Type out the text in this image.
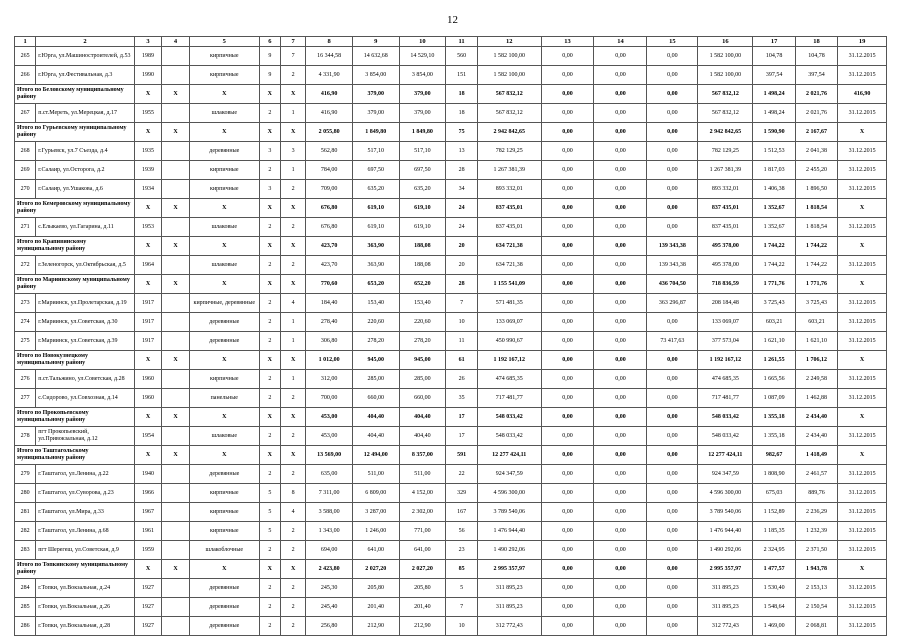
12
1	2	3	4	5	6	7	8	9	10	11	12	13	14	15	16	17	18	19
265	г.Юрга, ул.Машиностроителей, д.53	1989		кирпичные	9	7	16 344,58	14 632,68	14 529,10	560	1 582 100,00	0,00	0,00	0,00	1 582 100,00	104,78	104,78	31.12.2015
266	г.Юрга, ул.Фестивальная, д.3	1990		кирпичные	9	2	4 331,90	3 854,00	3 854,00	151	1 582 100,00	0,00	0,00	0,00	1 582 100,00	397,54	397,54	31.12.2015
Итого по Беловскому муниципальному району		Х	Х	Х	Х	Х	416,90	379,00	379,00	18	567 832,12	0,00	0,00	0,00	567 832,12	1 498,24	2 021,76	416,90
267	п.ст.Мереть, ул.Мерецкая, д.17	1955		шлаковые	2	1	416,90	379,00	379,00	18	567 832,12	0,00	0,00	0,00	567 832,12	1 498,24	2 021,76	31.12.2015
Итого по Гурьевскому муниципальному району		Х	Х	Х	Х	Х	2 055,80	1 849,80	1 849,80	75	2 942 842,65	0,00	0,00	0,00	2 942 842,65	1 590,90	2 167,67	Х
268	г.Гурьевск, ул.7 Съезда, д.4	1935		деревянные	3	3	562,80	517,10	517,10	13	782 129,25	0,00	0,00	0,00	782 129,25	1 512,53	2 041,38	31.12.2015
269	г.Салаир, ул.Осторога, д.2	1939		кирпичные	2	1	784,00	697,50	697,50	28	1 267 381,39	0,00	0,00	0,00	1 267 381,39	1 817,03	2 455,20	31.12.2015
270	г.Салаир, ул.Ушакова, д.6	1934		кирпичные	3	2	709,00	635,20	635,20	34	893 332,01	0,00	0,00	0,00	893 332,01	1 406,38	1 896,50	31.12.2015
Итого по Кемеровскому муниципальному району		Х	Х	Х	Х	Х	676,80	619,10	619,10	24	837 435,01	0,00	0,00	0,00	837 435,01	1 352,67	1 818,54	Х
271	с.Елыкаево, ул.Гагарина, д.11	1953		шлаковые	2	2	676,80	619,10	619,10	24	837 435,01	0,00	0,00	0,00	837 435,01	1 352,67	1 818,54	31.12.2015
Итого по Крапивинскому муниципальному району		Х	Х	Х	Х	Х	423,70	363,90	188,08	20	634 721,38	0,00	0,00	139 343,38	495 378,00	1 744,22	1 744,22	Х
272	г.Зеленогорск, ул.Октябрьская, д.5	1964		шлаковые	2	2	423,70	363,90	188,08	20	634 721,38	0,00	0,00	139 343,38	495 378,00	1 744,22	1 744,22	31.12.2015
Итого по Мариинскому муниципальному району		Х	Х	Х	Х	Х	770,60	653,20	652,20	28	1 155 541,09	0,00	0,00	436 704,50	718 836,59	1 771,76	1 771,76	Х
273	г.Мариинск, ул.Пролетарская, д.19	1917		кирпичные, деревянные	2	4	184,40	153,40	153,40	7	571 481,35	0,00	0,00	363 296,87	208 184,48	3 725,43	3 725,43	31.12.2015
274	г.Мариинск, ул.Советская, д.30	1917		деревянные	2	1	278,40	220,60	220,60	10	133 069,07	0,00	0,00	0,00	133 069,07	603,21	603,21	31.12.2015
275	г.Мариинск, ул.Советская, д.39	1917		деревянные	2	1	306,80	278,20	278,20	11	450 990,67	0,00	0,00	73 417,63	377 573,04	1 621,10	1 621,10	31.12.2015
Итого по Новокузнецкому муниципальному району		Х	Х	Х	Х	Х	1 012,00	945,00	945,00	61	1 192 167,12	0,00	0,00	0,00	1 192 167,12	1 261,55	1 706,12	Х
276	п.ст.Тальжино, ул.Советская, д.28	1960		кирпичные	2	1	312,00	285,00	285,00	26	474 685,35	0,00	0,00	0,00	474 685,35	1 665,56	2 249,58	31.12.2015
277	с.Сидорово, ул.Совхозная, д.14	1960		панельные	2	2	700,00	660,00	660,00	35	717 481,77	0,00	0,00	0,00	717 481,77	1 087,09	1 462,88	31.12.2015
Итого по Прокопьевскому муниципальному району		Х	Х	Х	Х	Х	453,00	404,40	404,40	17	548 033,42	0,00	0,00	0,00	548 033,42	1 355,18	2 434,40	Х
278	пгт Прокопьевский, ул.Привокзальная, д.12	1954		шлаковые	2	2	453,00	404,40	404,40	17	548 033,42	0,00	0,00	0,00	548 033,42	1 355,18	2 434,40	31.12.2015
Итого по Таштагольскому муниципальному району		Х	Х	Х	Х	Х	13 569,00	12 494,00	8 357,00	591	12 277 424,11	0,00	0,00	0,00	12 277 424,11	982,67	1 418,49	Х
279	г.Таштагол, ул.Ленина, д.22	1940		деревянные	2	2	635,00	511,00	511,00	22	924 347,59	0,00	0,00	0,00	924 347,59	1 808,90	2 461,57	31.12.2015
280	г.Таштагол, ул.Суворова, д.23	1966		кирпичные	5	8	7 311,00	6 809,00	4 152,00	329	4 596 300,00	0,00	0,00	0,00	4 596 300,00	675,03	889,76	31.12.2015
281	г.Таштагол, ул.Мира, д.33	1967		кирпичные	5	4	3 588,00	3 287,00	2 302,00	167	3 789 540,06	0,00	0,00	0,00	3 789 540,06	1 152,89	2 236,29	31.12.2015
282	г.Таштагол, ул.Ленина, д.68	1961		кирпичные	5	2	1 343,00	1 246,00	771,00	56	1 476 944,40	0,00	0,00	0,00	1 476 944,40	1 185,35	1 232,39	31.12.2015
283	пгт Шерегеш, ул.Советская, д.9	1959		шлакоблочные	2	2	694,00	641,00	641,00	23	1 490 292,06	0,00	0,00	0,00	1 490 292,06	2 324,95	2 371,50	31.12.2015
Итого по Топкинскому муниципальному району		Х	Х	Х	Х	Х	2 423,80	2 027,20	2 027,20	85	2 995 357,97	0,00	0,00	0,00	2 995 357,97	1 477,57	1 943,78	Х
284	г.Топки, ул.Вокзальная, д.24	1927		деревянные	2	2	245,30	205,80	205,80	5	311 895,23	0,00	0,00	0,00	311 895,23	1 530,40	2 153,13	31.12.2015
285	г.Топки, ул.Вокзальная, д.26	1927		деревянные	2	2	245,40	201,40	201,40	7	311 895,23	0,00	0,00	0,00	311 895,23	1 548,64	2 150,54	31.12.2015
286	г.Топки, ул.Вокзальная, д.28	1927		деревянные	2	2	256,80	212,90	212,90	10	312 772,43	0,00	0,00	0,00	312 772,43	1 469,00	2 068,81	31.12.2015
